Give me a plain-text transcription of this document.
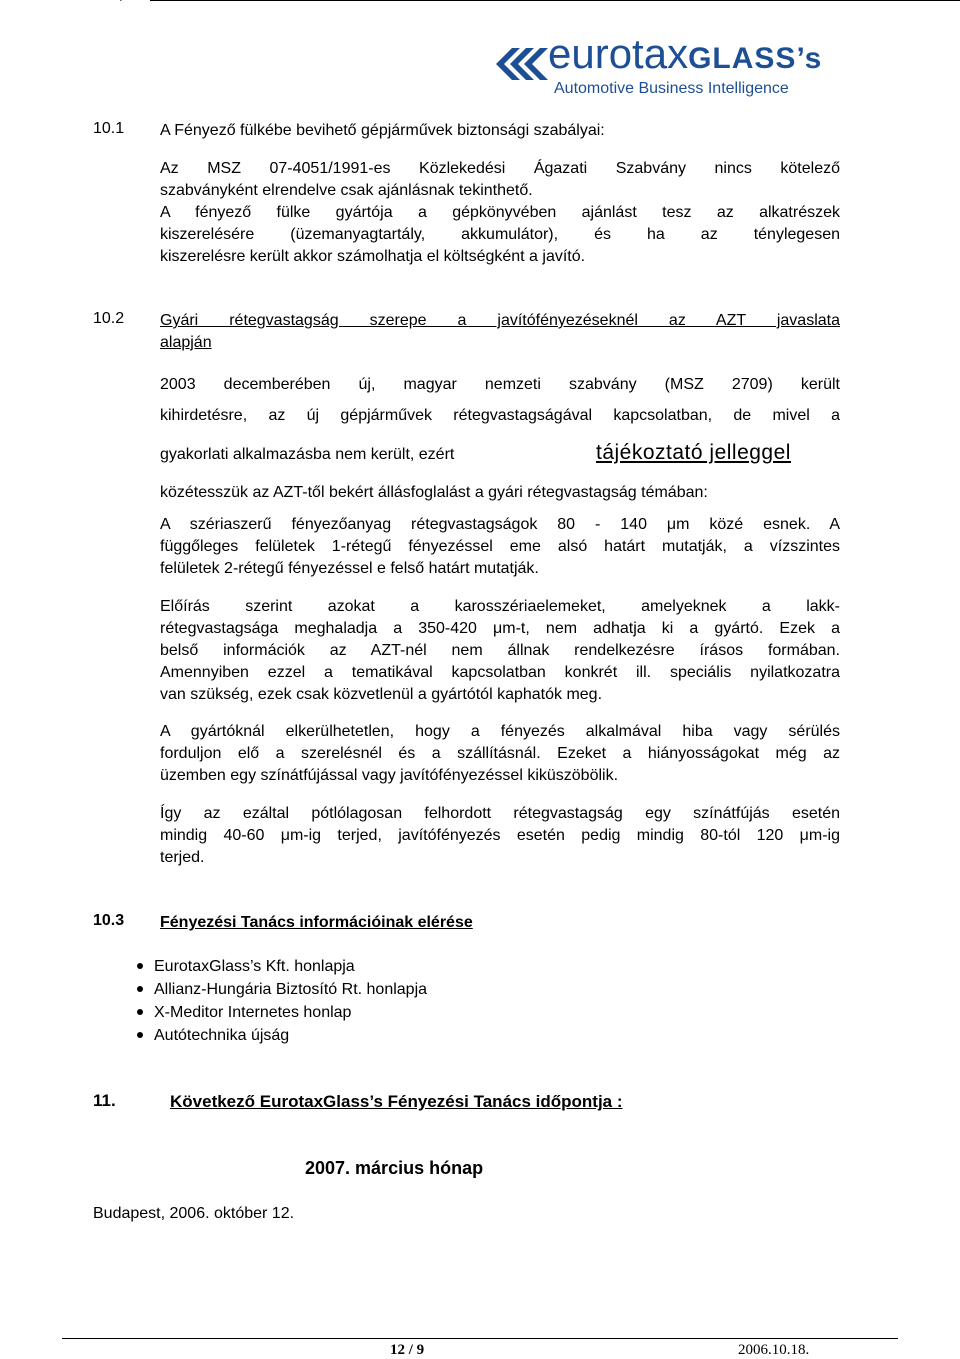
eurotaxGLASS’s
Automotive Business Intelligence
10.1 A Fényező fülkébe bevihető gépjárművek biztonsági szabályai:
Az MSZ 07-4051/1991-es Közlekedési Ágazati Szabvány nincs kötelező
szabványként elrendelve csak ajánlásnak tekinthető.
A fényező fülke gyártója a gépkönyvében ajánlást tesz az alkatrészek
kiszerelésére (üzemanyagtartály, akkumulátor), és ha az ténylegesen
kiszerelésre került akkor számolhatja el költségként a javító.
10.2 Gyári rétegvastagság szerepe a javítófényezéseknél az AZT javaslata
alapján
2003 decemberében új, magyar nemzeti szabvány (MSZ 2709) került
kihirdetésre, az új gépjárművek rétegvastagságával kapcsolatban, de mivel a
gyakorlati alkalmazásba nem került, ezért	tájékoztató jelleggel
közétesszük az AZT-től bekért állásfoglalást a gyári rétegvastagság témában:
A szériaszerű fényezőanyag rétegvastagságok 80 - 140 μm közé esnek. A
függőleges felületek 1-rétegű fényezéssel eme alsó határt mutatják, a vízszintes
felületek 2-rétegű fényezéssel e felső határt mutatják.
Előírás szerint azokat a karosszériaelemeket, amelyeknek a lakk-
rétegvastagsága meghaladja a 350-420 μm-t, nem adhatja ki a gyártó. Ezek a
belső információk az AZT-nél nem állnak rendelkezésre írásos formában.
Amennyiben ezzel a tematikával kapcsolatban konkrét ill. speciális nyilatkozatra
van szükség, ezek csak közvetlenül a gyártótól kaphatók meg.
A gyártóknál elkerülhetetlen, hogy a fényezés alkalmával hiba vagy sérülés
forduljon elő a szerelésnél és a szállításnál. Ezeket a hiányosságokat még az
üzemben egy színátfújással vagy javítófényezéssel kiküszöbölik.
Így az ezáltal pótlólagosan felhordott rétegvastagság egy színátfújás esetén
mindig 40-60 μm-ig terjed, javítófényezés esetén pedig mindig 80-tól 120 μm-ig
terjed.
10.3 Fényezési Tanács információinak elérése
EurotaxGlass’s Kft. honlapja
Allianz-Hungária Biztosító Rt. honlapja
X-Meditor Internetes honlap
Autótechnika újság
11.	Következő EurotaxGlass’s Fényezési Tanács időpontja :
2007. március hónap
Budapest, 2006. október 12.
12 / 9	2006.10.18.
